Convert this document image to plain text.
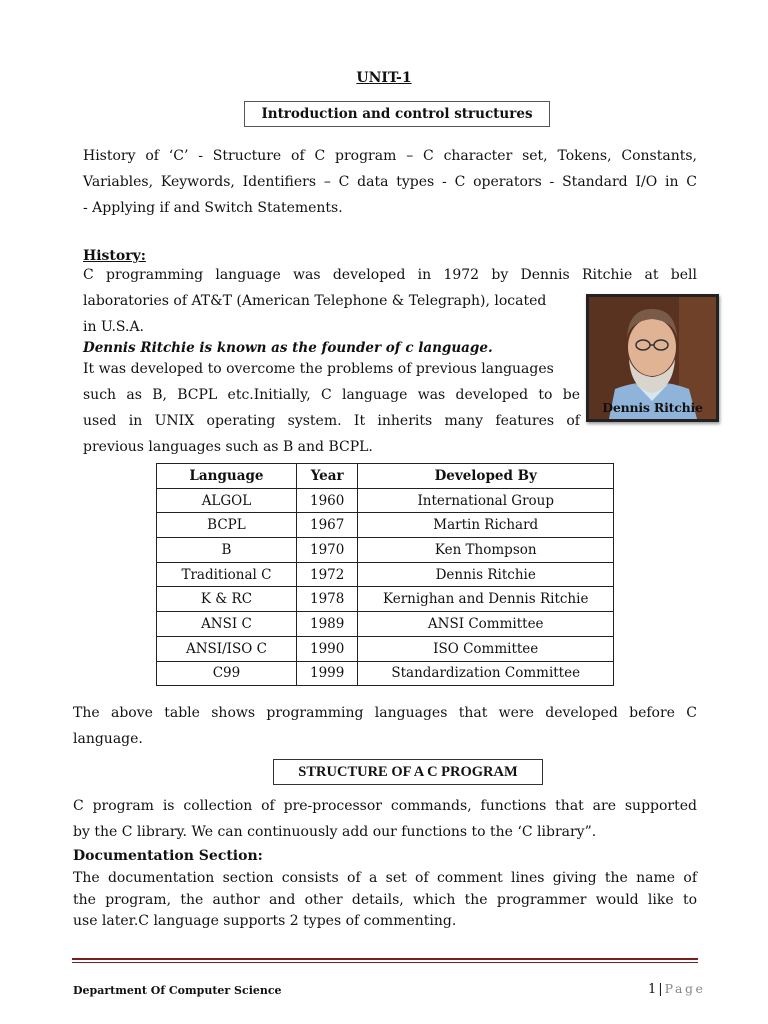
UNIT-1
Introduction and control structures
History of ‘C’ - Structure of C program – C character set, Tokens, Constants,
Variables, Keywords, Identifiers – C data types - C operators - Standard I/O in C
- Applying if and Switch Statements.
History:
C programming language was developed in 1972 by Dennis Ritchie at bell
laboratories of AT&T (American Telephone & Telegraph), located
in U.S.A.
Dennis Ritchie is known as the founder of c language.
It was developed to overcome the problems of previous languages
such as B, BCPL etc.Initially, C language was developed to be
used in UNIX operating system. It inherits many features of
previous languages such as B and BCPL.
Dennis Ritchie
Language	Year	Developed By
ALGOL	1960	International Group
BCPL	1967	Martin Richard
B	1970	Ken Thompson
Traditional C	1972	Dennis Ritchie
K & RC	1978	Kernighan and Dennis Ritchie
ANSI C	1989	ANSI Committee
ANSI/ISO C	1990	ISO Committee
C99	1999	Standardization Committee
The above table shows programming languages that were developed before C
language.
STRUCTURE OF A C PROGRAM
C program is collection of pre-processor commands, functions that are supported
by the C library. We can continuously add our functions to the ‘C library”.
Documentation Section:
The documentation section consists of a set of comment lines giving the name of
the program, the author and other details, which the programmer would like to
use later.C language supports 2 types of commenting.
Department Of Computer Science	1 | Page
